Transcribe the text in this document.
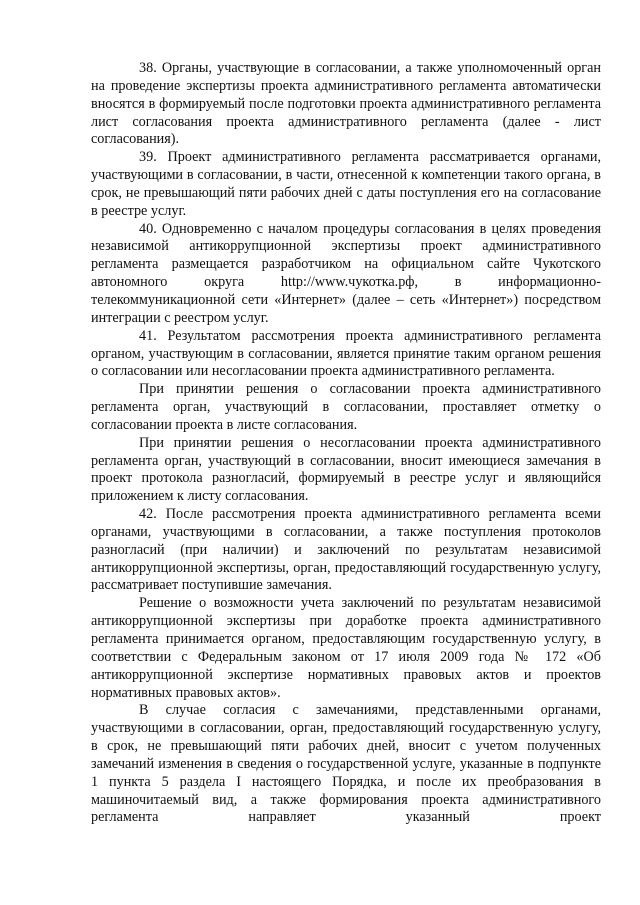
38. Органы, участвующие в согласовании, а также уполномоченный орган на проведение экспертизы проекта административного регламента автоматически вносятся в формируемый после подготовки проекта административного регламента лист согласования проекта административного регламента (далее - лист согласования).

39. Проект административного регламента рассматривается органами, участвующими в согласовании, в части, отнесенной к компетенции такого органа, в срок, не превышающий пяти рабочих дней с даты поступления его на согласование в реестре услуг.

40. Одновременно с началом процедуры согласования в целях проведения независимой антикоррупционной экспертизы проект административного регламента размещается разработчиком на официальном сайте Чукотского автономного округа http://www.чукотка.рф, в информационно-телекоммуникационной сети «Интернет» (далее – сеть «Интернет») посредством интеграции с реестром услуг.

41. Результатом рассмотрения проекта административного регламента органом, участвующим в согласовании, является принятие таким органом решения о согласовании или несогласовании проекта административного регламента.

При принятии решения о согласовании проекта административного регламента орган, участвующий в согласовании, проставляет отметку о согласовании проекта в листе согласования.

При принятии решения о несогласовании проекта административного регламента орган, участвующий в согласовании, вносит имеющиеся замечания в проект протокола разногласий, формируемый в реестре услуг и являющийся приложением к листу согласования.

42. После рассмотрения проекта административного регламента всеми органами, участвующими в согласовании, а также поступления протоколов разногласий (при наличии) и заключений по результатам независимой антикоррупционной экспертизы, орган, предоставляющий государственную услугу, рассматривает поступившие замечания.

Решение о возможности учета заключений по результатам независимой антикоррупционной экспертизы при доработке проекта административного регламента принимается органом, предоставляющим государственную услугу, в соответствии с Федеральным законом от 17 июля 2009 года № 172 «Об антикоррупционной экспертизе нормативных правовых актов и проектов нормативных правовых актов».

В случае согласия с замечаниями, представленными органами, участвующими в согласовании, орган, предоставляющий государственную услугу, в срок, не превышающий пяти рабочих дней, вносит с учетом полученных замечаний изменения в сведения о государственной услуге, указанные в подпункте 1 пункта 5 раздела I настоящего Порядка, и после их преобразования в машиночитаемый вид, а также формирования проекта административного регламента направляет указанный проект
